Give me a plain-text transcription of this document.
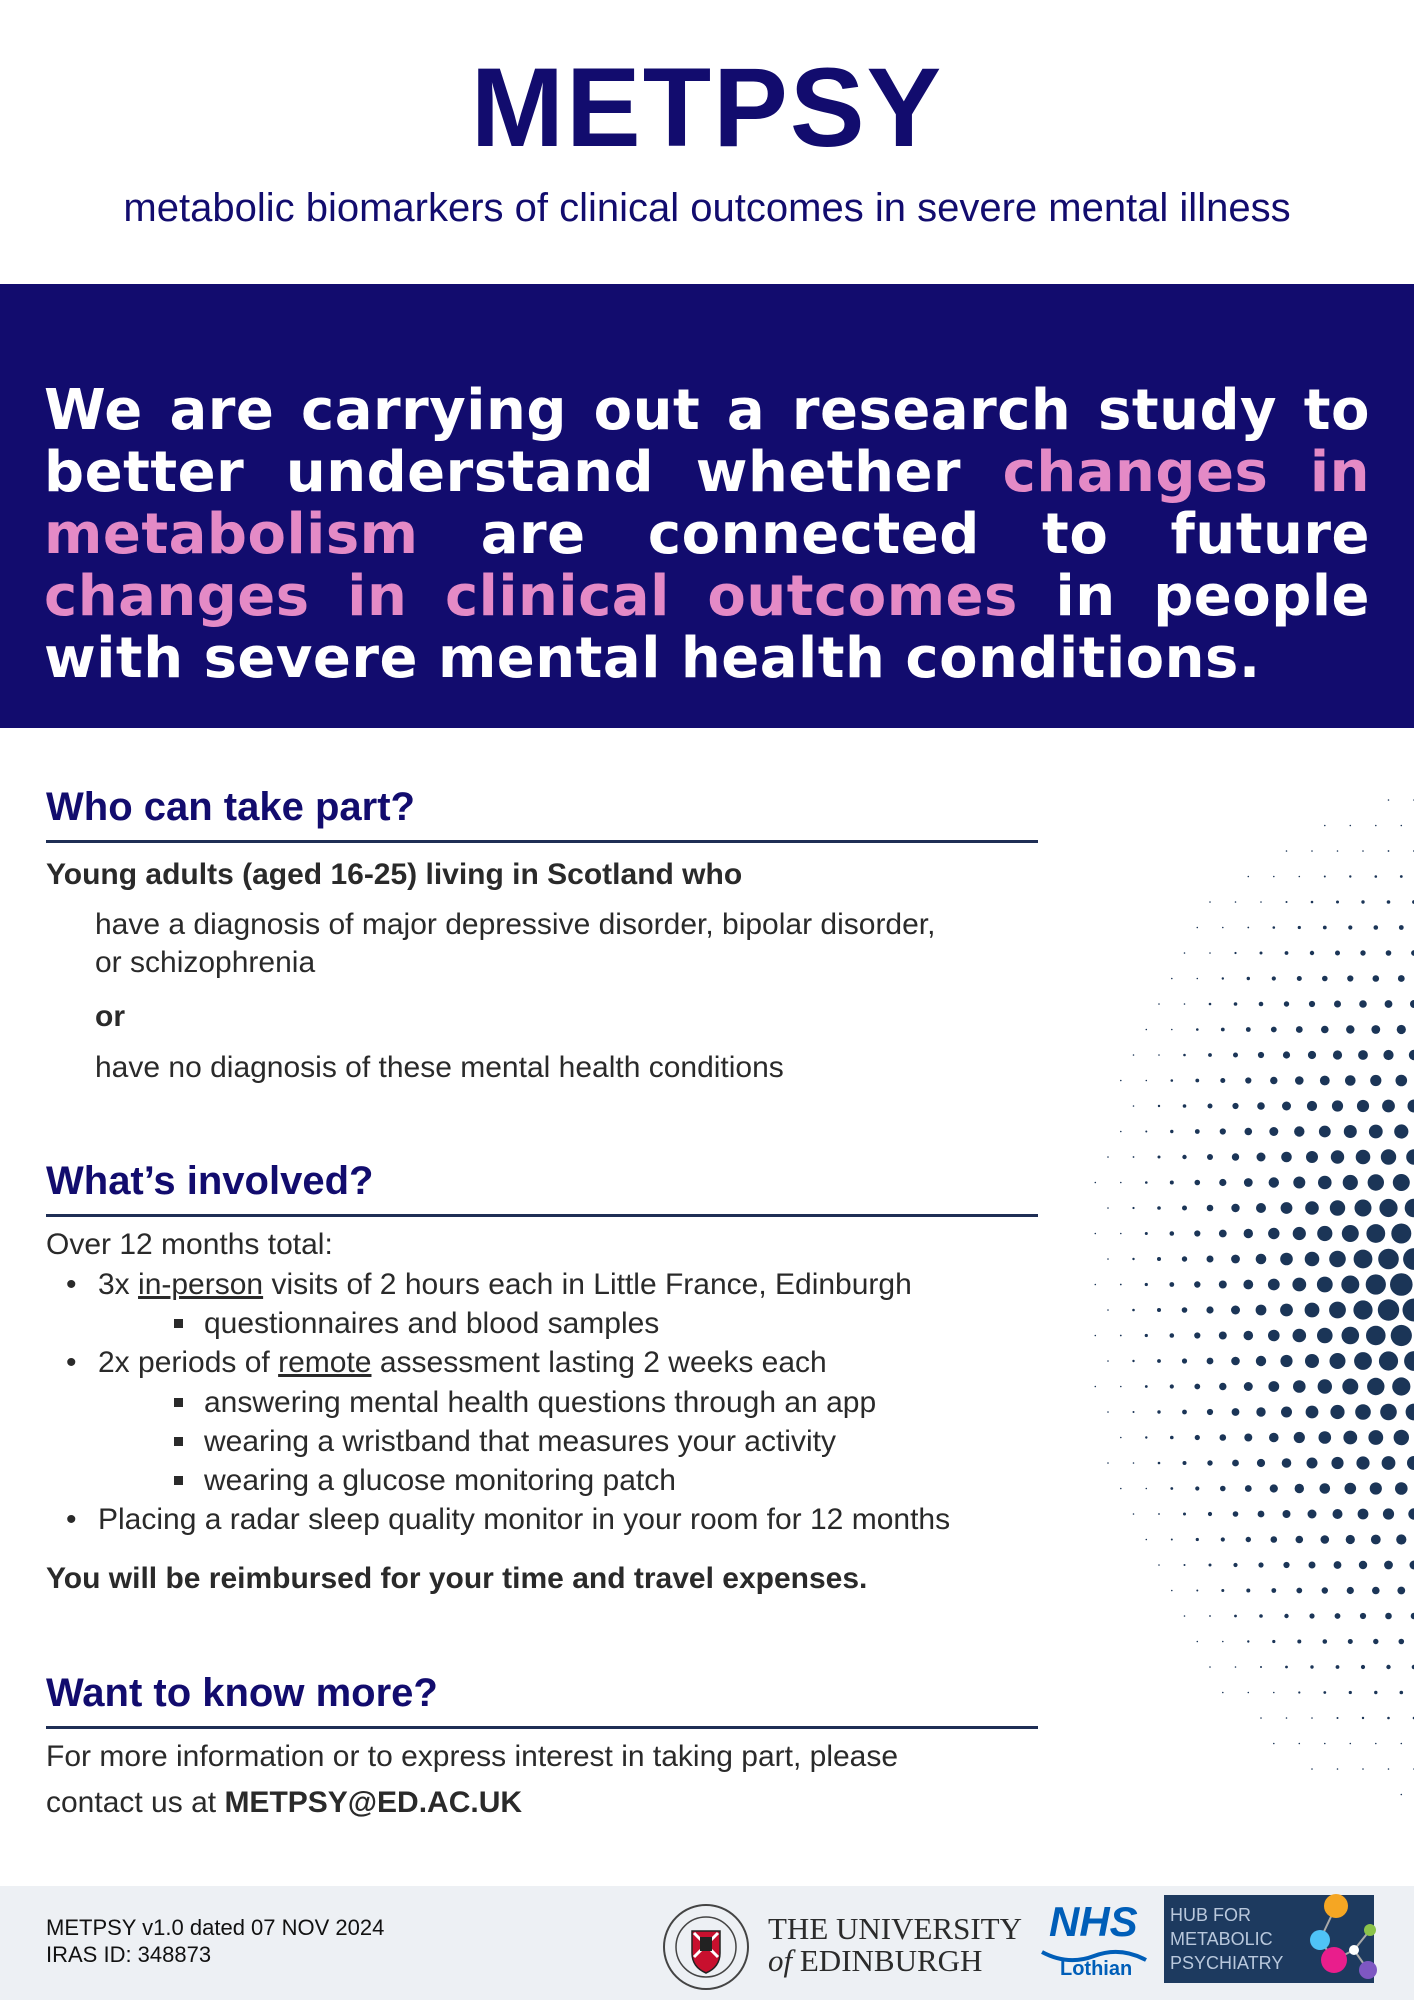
METPSY
metabolic biomarkers of clinical outcomes in severe mental illness
We are carrying out a research study to better understand whether changes in metabolism are connected to future changes in clinical outcomes in people with severe mental health conditions.
Who can take part?
Young adults (aged 16-25) living in Scotland who
have a diagnosis of major depressive disorder, bipolar disorder,
or schizophrenia
or
have no diagnosis of these mental health conditions
What’s involved?
Over 12 months total:
• 3x in-person visits of 2 hours each in Little France, Edinburgh
questionnaires and blood samples
• 2x periods of remote assessment lasting 2 weeks each
answering mental health questions through an app
wearing a wristband that measures your activity
wearing a glucose monitoring patch
• Placing a radar sleep quality monitor in your room for 12 months
You will be reimbursed for your time and travel expenses.
Want to know more?
For more information or to express interest in taking part, please
contact us at METPSY@ED.AC.UK
METPSY v1.0 dated 07 NOV 2024
IRAS ID: 348873
THE UNIVERSITY
of EDINBURGH
NHS
Lothian
HUB FOR
METABOLIC
PSYCHIATRY
